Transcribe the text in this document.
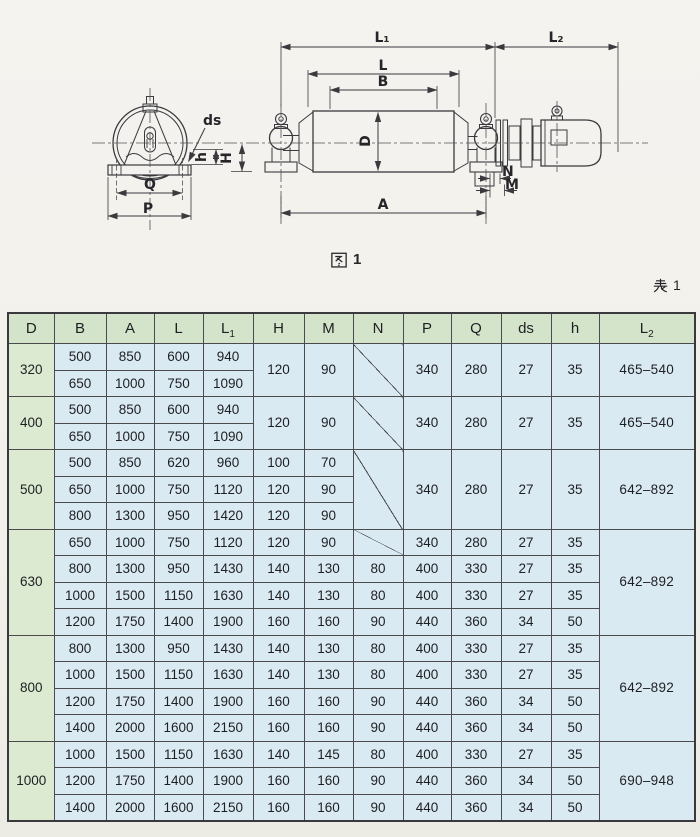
L₁	L₂
L
B
D
A
H
h
ds
Q
P
N
M
1
1
D	B	A	L	$L_1$	H	M	N	P	Q	ds	h	$L_2$
320	500	850	600	940	120	90		340	280	27	35	465–540
	650	1000	750	1090								
400	500	850	600	940	120	90		340	280	27	35	465–540
	650	1000	750	1090								
500	500	850	620	960	100	70		340	280	27	35	642–892
	650	1000	750	1120	120	90						
	800	1300	950	1420	120	90						
630	650	1000	750	1120	120	90		340	280	27	35	642–892
	800	1300	950	1430	140	130	80	400	330	27	35	
	1000	1500	1150	1630	140	130	80	400	330	27	35	
	1200	1750	1400	1900	160	160	90	440	360	34	50	
800	800	1300	950	1430	140	130	80	400	330	27	35	642–892
	1000	1500	1150	1630	140	130	80	400	330	27	35	
	1200	1750	1400	1900	160	160	90	440	360	34	50	
	1400	2000	1600	2150	160	160	90	440	360	34	50	
1000	1000	1500	1150	1630	140	145	80	400	330	27	35	690–948
	1200	1750	1400	1900	160	160	90	440	360	34	50	
	1400	2000	1600	2150	160	160	90	440	360	34	50	
